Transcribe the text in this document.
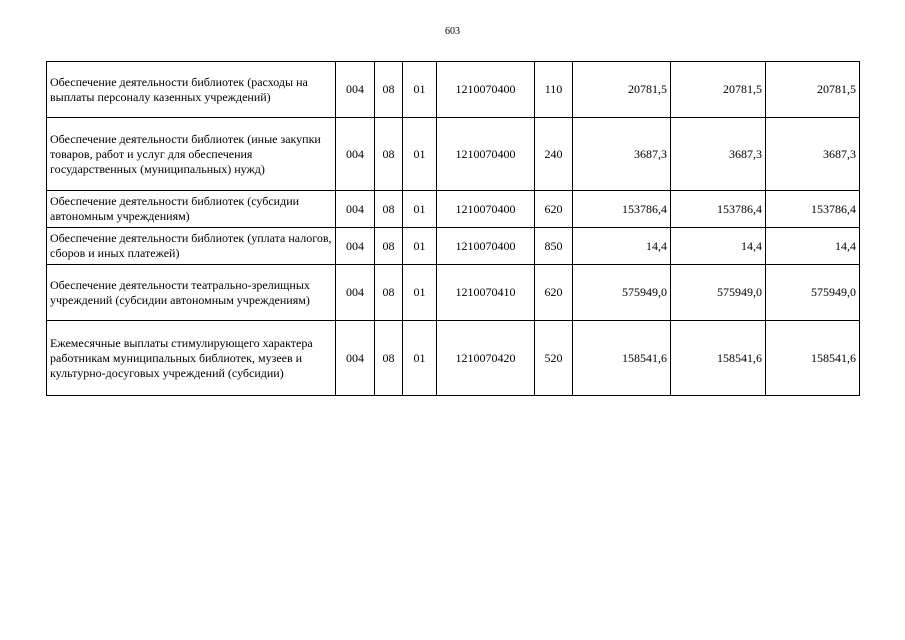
603
Обеспечение деятельности библиотек (расходы на выплаты персоналу казенных учреждений)	004	08	01	1210070400	110	20781,5	20781,5	20781,5
Обеспечение деятельности библиотек (иные закупки товаров, работ и услуг для обеспечения государственных (муниципальных) нужд)	004	08	01	1210070400	240	3687,3	3687,3	3687,3
Обеспечение деятельности библиотек (субсидии автономным учреждениям)	004	08	01	1210070400	620	153786,4	153786,4	153786,4
Обеспечение деятельности библиотек (уплата налогов, сборов и иных платежей)	004	08	01	1210070400	850	14,4	14,4	14,4
Обеспечение деятельности театрально-зрелищных учреждений (субсидии автономным учреждениям)	004	08	01	1210070410	620	575949,0	575949,0	575949,0
Ежемесячные выплаты стимулирующего характера работникам муниципальных библиотек, музеев и культурно-досуговых учреждений (субсидии)	004	08	01	1210070420	520	158541,6	158541,6	158541,6
